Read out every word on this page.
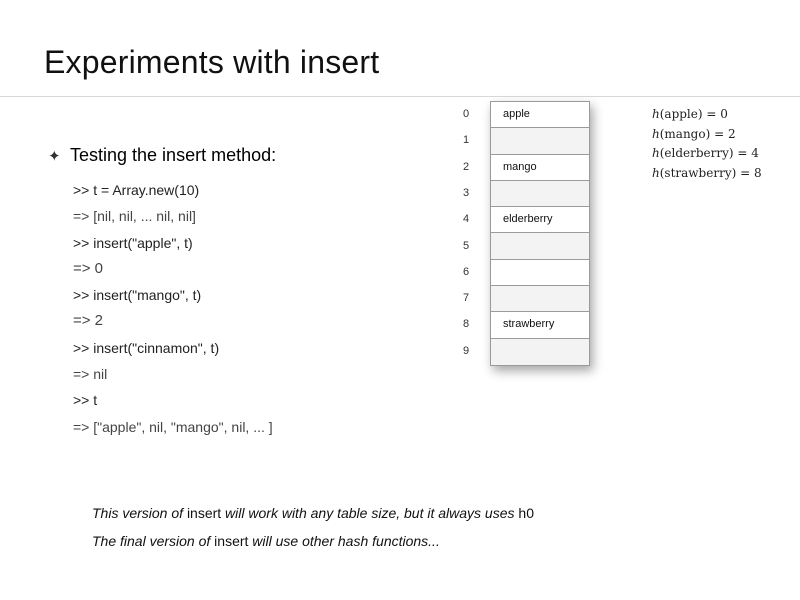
Experiments with insert
✦ Testing the insert method:
>> t = Array.new(10)
=> [nil, nil, ... nil, nil]
>> insert("apple", t)
=> 0
>> insert("mango", t)
=> 2
>> insert("cinnamon", t)
=> nil
>> t
=> ["apple", nil, "mango", nil, ... ]
0
1
2
3
4
5
6
7
8
9
apple
mango
elderberry
strawberry
h(apple) = 0
h(mango) = 2
h(elderberry) = 4
h(strawberry) = 8
This version of insert will work with any table size, but it always uses h0
The final version of insert will use other hash functions...
